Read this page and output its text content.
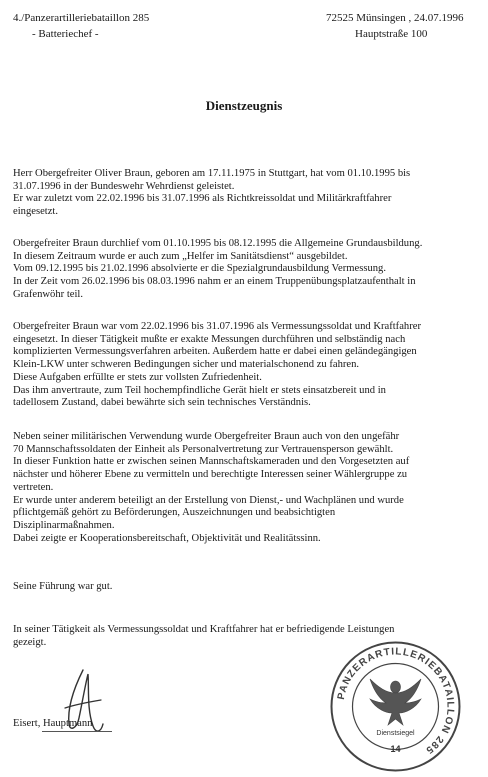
4./Panzerartilleriebataillon 285
- Batteriechef -
72525 Münsingen , 24.07.1996
Hauptstraße 100
Dienstzeugnis
Herr Obergefreiter Oliver Braun, geboren am 17.11.1975 in Stuttgart, hat vom 01.10.1995 bis
31.07.1996 in der Bundeswehr Wehrdienst geleistet.
Er war zuletzt vom 22.02.1996 bis 31.07.1996 als Richtkreissoldat und Militärkraftfahrer
eingesetzt.
Obergefreiter Braun durchlief vom 01.10.1995 bis 08.12.1995 die Allgemeine Grundausbildung.
In diesem Zeitraum wurde er auch zum „Helfer im Sanitätsdienst“ ausgebildet.
Vom 09.12.1995 bis 21.02.1996 absolvierte er die Spezialgrundausbildung Vermessung.
In der Zeit vom 26.02.1996 bis 08.03.1996 nahm er an einem Truppenübungsplatzaufenthalt in
Grafenwöhr teil.
Obergefreiter Braun war vom 22.02.1996 bis 31.07.1996 als Vermessungssoldat und Kraftfahrer
eingesetzt. In dieser Tätigkeit mußte er exakte Messungen durchführen und selbständig nach
komplizierten Vermessungsverfahren arbeiten. Außerdem hatte er dabei einen geländegängigen
Klein-LKW unter schweren Bedingungen sicher und materialschonend zu fahren.
Diese Aufgaben erfüllte er stets zur vollsten Zufriedenheit.
Das ihm anvertraute, zum Teil hochempfindliche Gerät hielt er stets einsatzbereit und in
tadellosem Zustand, dabei bewährte sich sein technisches Verständnis.
Neben seiner militärischen Verwendung wurde Obergefreiter Braun auch von den ungefähr
70 Mannschaftssoldaten der Einheit als Personalvertretung zur Vertrauensperson gewählt.
In dieser Funktion hatte er zwischen seinen Mannschaftskameraden und den Vorgesetzten auf
nächster und höherer Ebene zu vermitteln und berechtigte Interessen seiner Wählergruppe zu
vertreten.
Er wurde unter anderem beteiligt an der Erstellung von Dienst,- und Wachplänen und wurde
pflichtgemäß gehört zu Beförderungen, Auszeichnungen und beabsichtigten
Disziplinarmaßnahmen.
Dabei zeigte er Kooperationsbereitschaft, Objektivität und Realitätssinn.
Seine Führung war gut.
In seiner Tätigkeit als Vermessungssoldat und Kraftfahrer hat er befriedigende Leistungen
gezeigt.
Eisert, Hauptmann
PANZERARTILLERIEBATAILLON 285
Dienstsiegel
14
